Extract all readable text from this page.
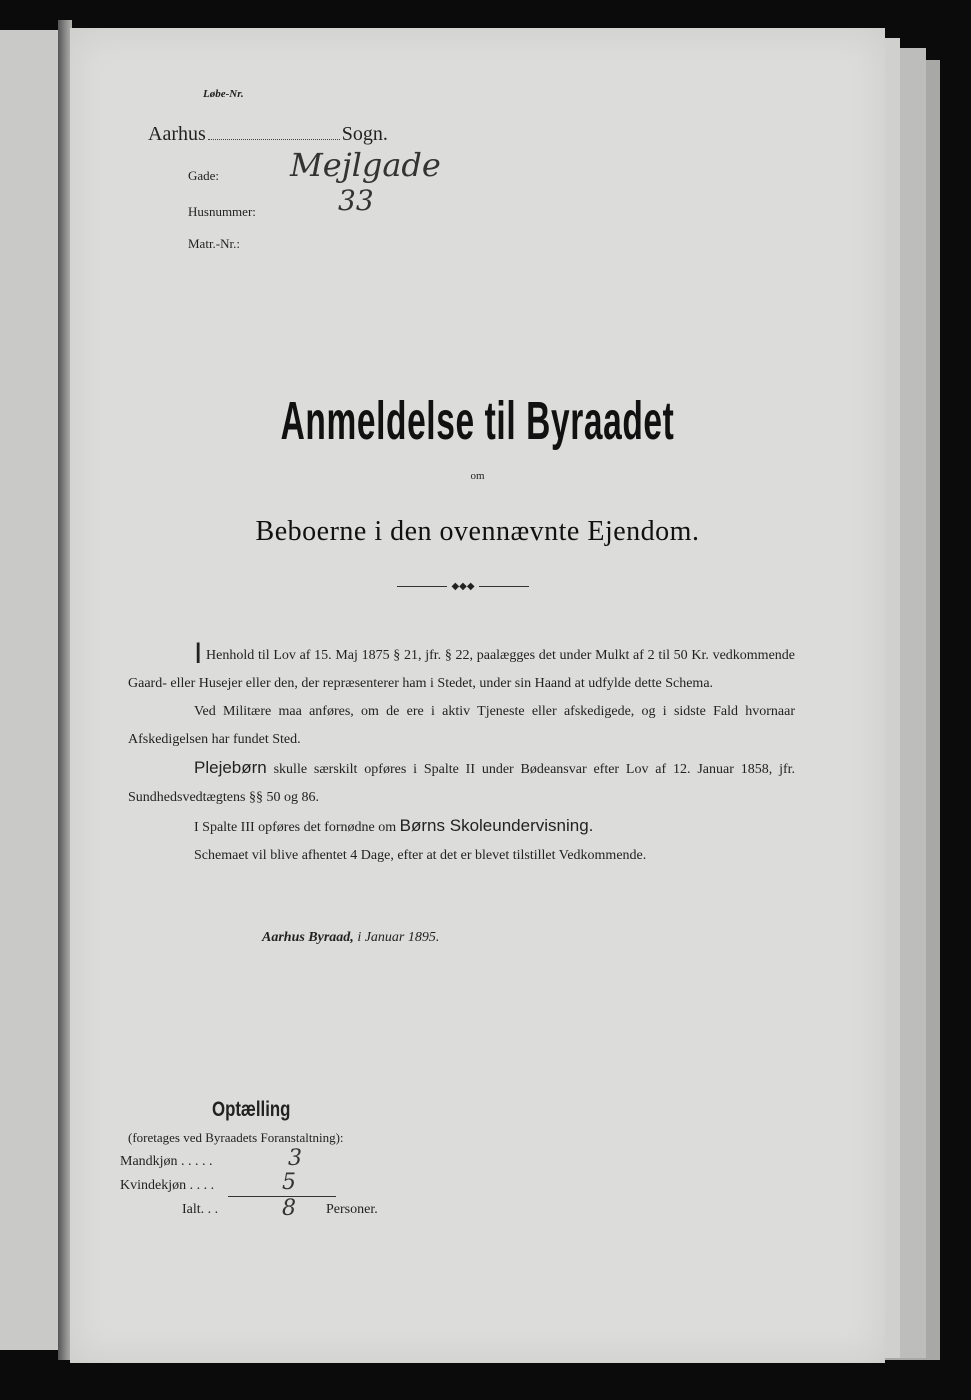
Løbe-Nr.
Aarhus	Sogn.
Gade: Mejlgade
Husnummer:	33
Matr.-Nr.:
Anmeldelse til Byraadet
om
Beboerne i den ovennævnte Ejendom.
◆◆◆

I Henhold til Lov af 15. Maj 1875 § 21, jfr. § 22, paalægges det under Mulkt af 2 til 50 Kr. vedkommende Gaard- eller Husejer eller den, der repræsenterer ham i Stedet, under sin Haand at udfylde dette Schema.

Ved Militære maa anføres, om de ere i aktiv Tjeneste eller afskedigede, og i sidste Fald hvornaar Afskedigelsen har fundet Sted.

Plejebørn skulle særskilt opføres i Spalte II under Bødeansvar efter Lov af 12. Januar 1858, jfr. Sundhedsvedtægtens §§ 50 og 86.

I Spalte III opføres det fornødne om Børns Skoleundervisning.

Schemaet vil blive afhentet 4 Dage, efter at det er blevet tilstillet Vedkommende.

Aarhus Byraad, i Januar 1895.
Optælling
(foretages ved Byraadets Foranstaltning):
Mandkjøn . . . . .	3
Kvindekjøn . . . .	5
Ialt. . .	8 Personer.
